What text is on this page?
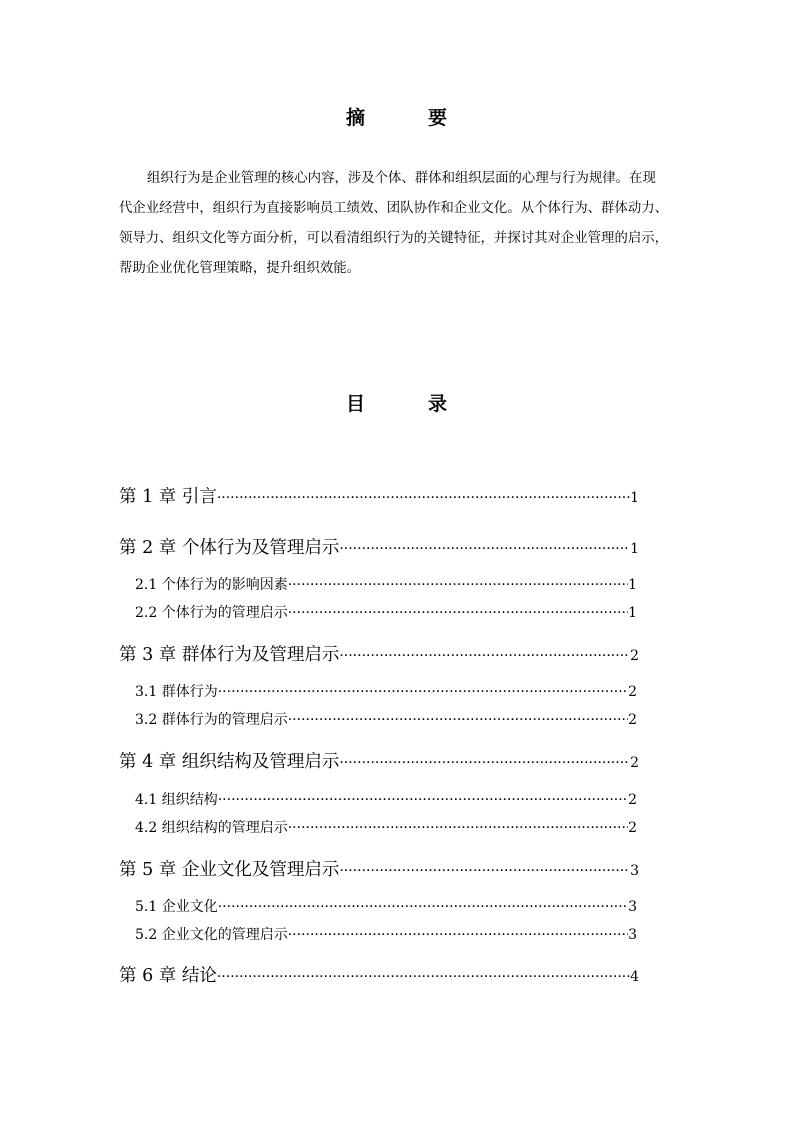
摘　要
组织行为是企业管理的核心内容，涉及个体、群体和组织层面的心理与行为规律。在现
代企业经营中，组织行为直接影响员工绩效、团队协作和企业文化。从个体行为、群体动力、
领导力、组织文化等方面分析，可以看清组织行为的关键特征，并探讨其对企业管理的启示，
帮助企业优化管理策略，提升组织效能。
目　录
第 1 章 引言 ·····	1
第 2 章 个体行为及管理启示 ·····	1
2.1 个体行为的影响因素 ·····	1
2.2 个体行为的管理启示 ·····	1
第 3 章 群体行为及管理启示 ·····	2
3.1 群体行为 ·····	2
3.2 群体行为的管理启示 ·····	2
第 4 章 组织结构及管理启示 ·····	2
4.1 组织结构 ·····	2
4.2 组织结构的管理启示 ·····	2
第 5 章 企业文化及管理启示 ·····	3
5.1 企业文化 ·····	3
5.2 企业文化的管理启示 ·····	3
第 6 章 结论 ·····	4
